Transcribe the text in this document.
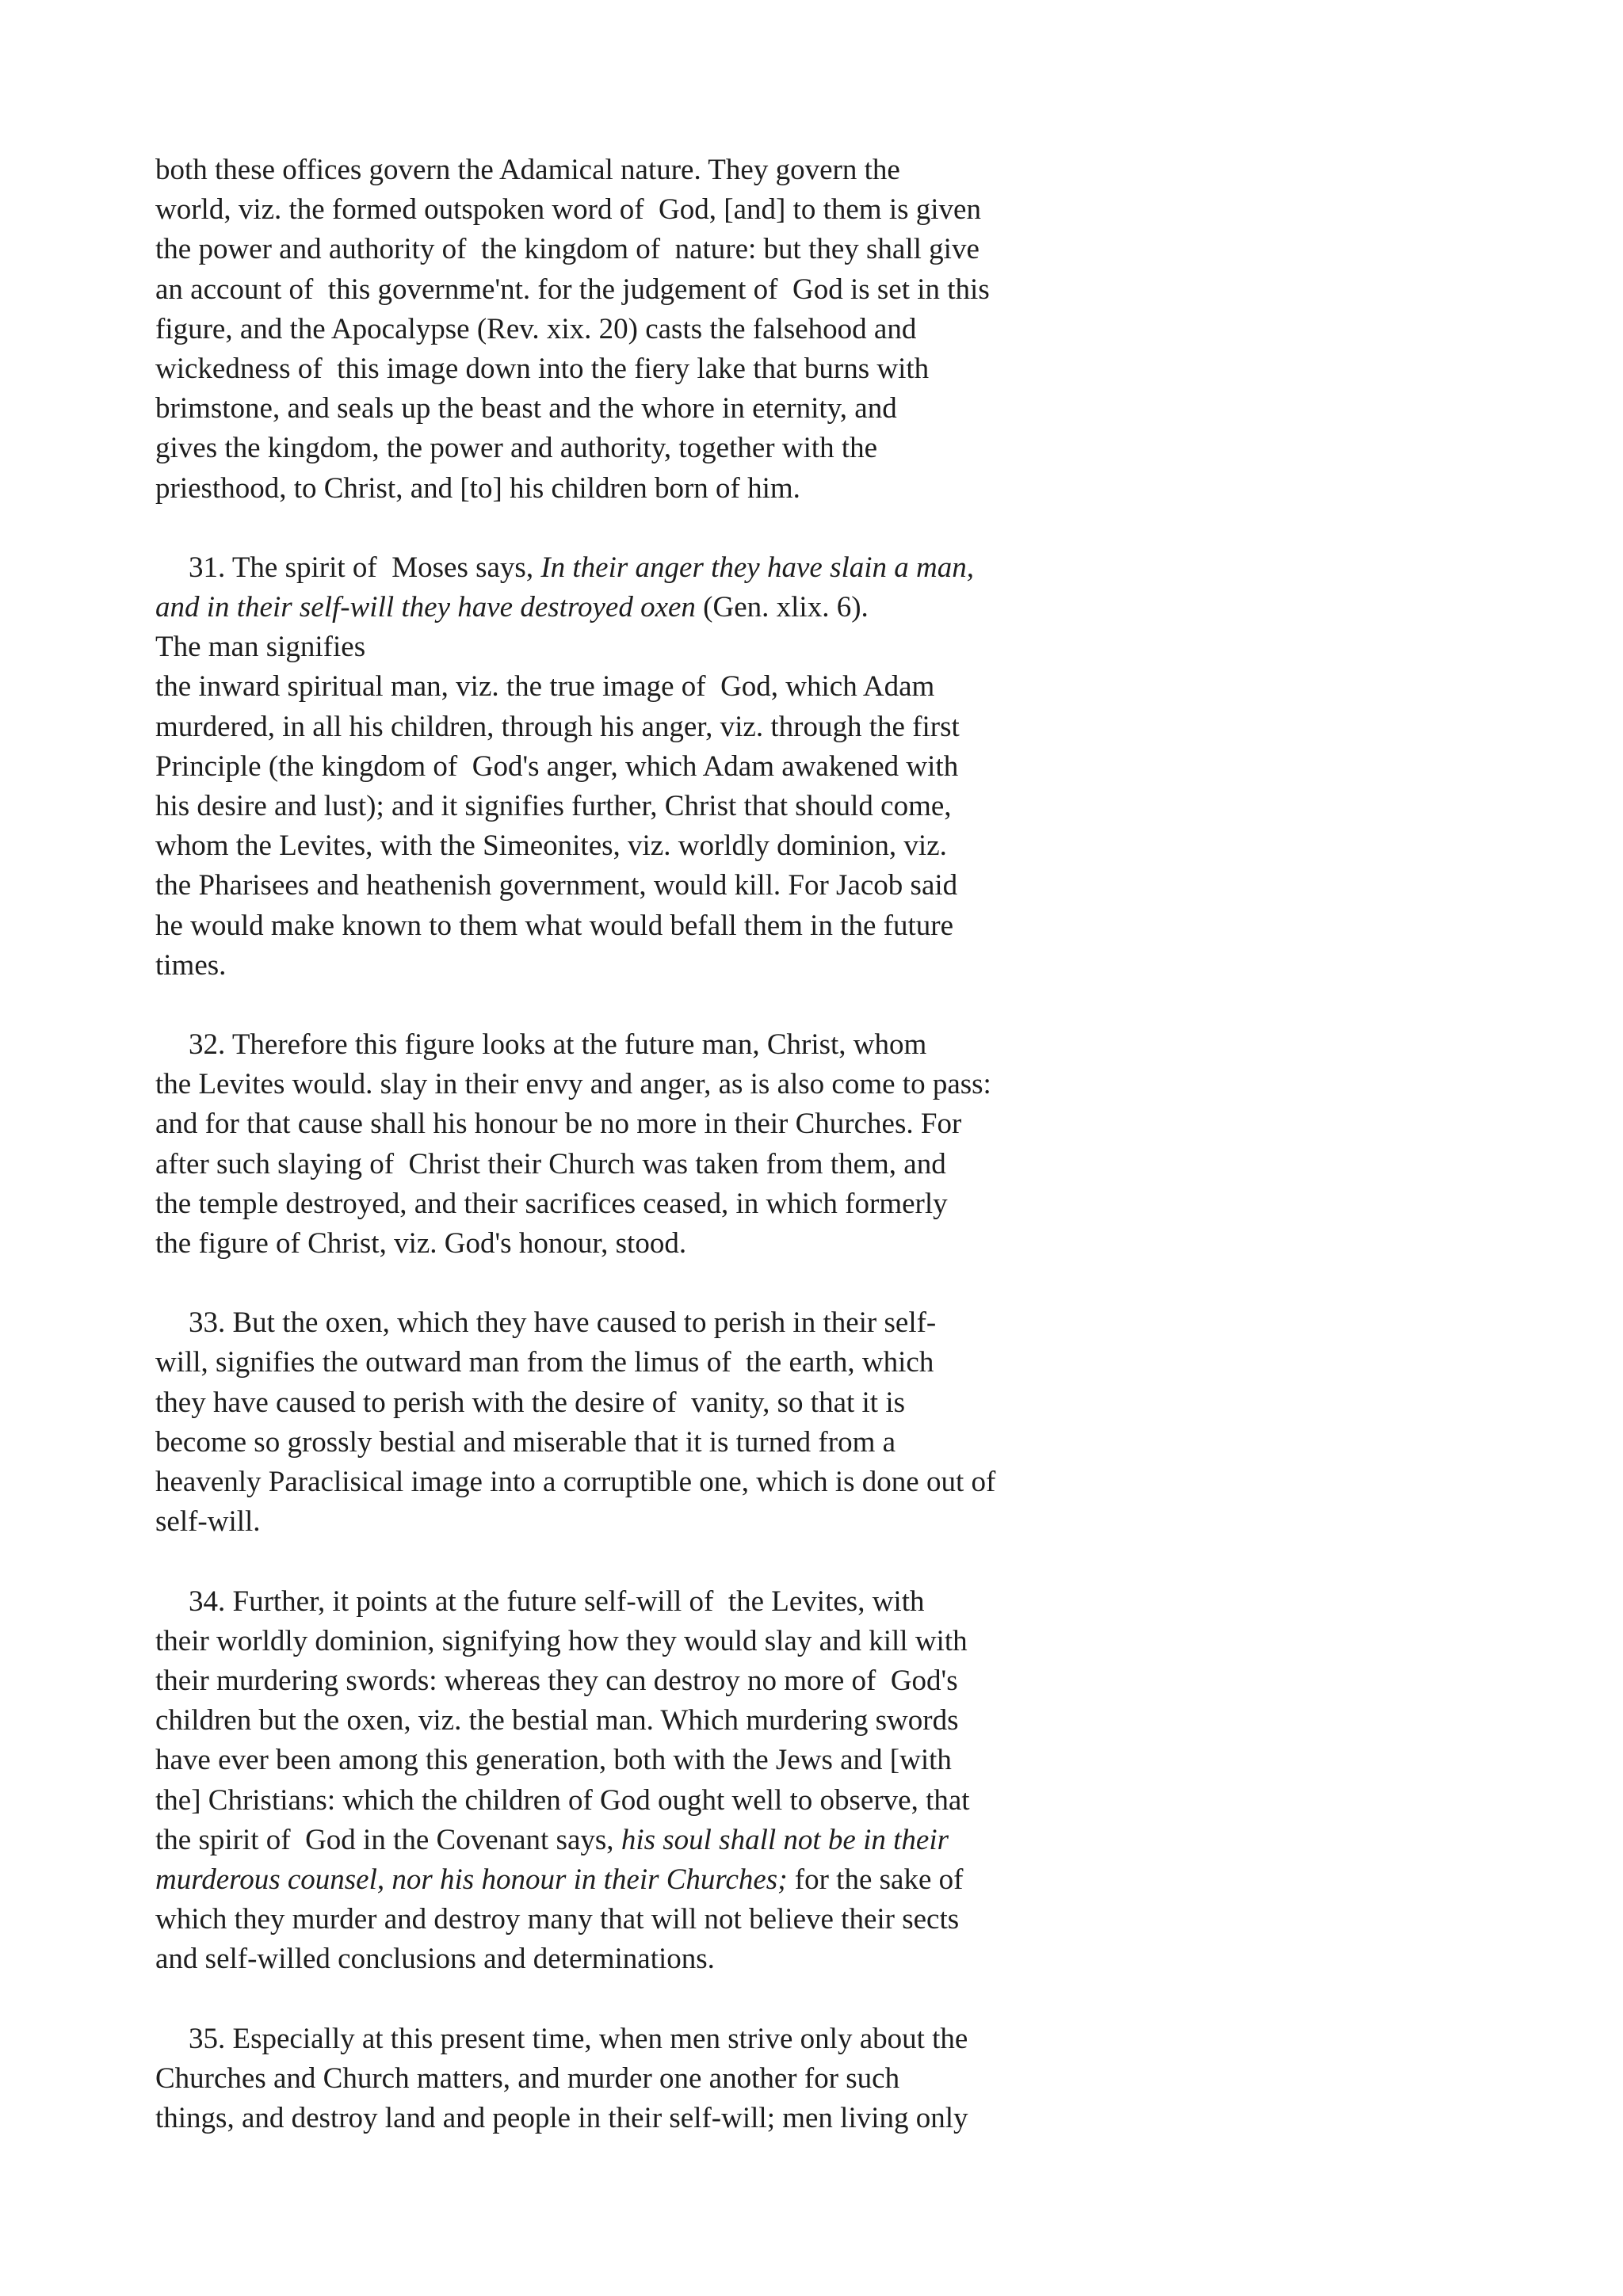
both these offices govern the Adamical nature. They govern the
world, viz. the formed outspoken word of  God, [and] to them is given
the power and authority of  the kingdom of  nature: but they shall give
an account of  this governme'nt. for the judgement of  God is set in this
figure, and the Apocalypse (Rev. xix. 20) casts the falsehood and
wickedness of  this image down into the fiery lake that burns with
brimstone, and seals up the beast and the whore in eternity, and
gives the kingdom, the power and authority, together with the
priesthood, to Christ, and [to] his children born of him.
31. The spirit of  Moses says, In their anger they have slain a man,
and in their self-will they have destroyed oxen (Gen. xlix. 6).
The man signifies
the inward spiritual man, viz. the true image of  God, which Adam
murdered, in all his children, through his anger, viz. through the first
Principle (the kingdom of  God's anger, which Adam awakened with
his desire and lust); and it signifies further, Christ that should come,
whom the Levites, with the Simeonites, viz. worldly dominion, viz.
the Pharisees and heathenish government, would kill. For Jacob said
he would make known to them what would befall them in the future
times.
32. Therefore this figure looks at the future man, Christ, whom
the Levites would. slay in their envy and anger, as is also come to pass:
and for that cause shall his honour be no more in their Churches. For
after such slaying of  Christ their Church was taken from them, and
the temple destroyed, and their sacrifices ceased, in which formerly
the figure of Christ, viz. God's honour, stood.
33. But the oxen, which they have caused to perish in their self-
will, signifies the outward man from the limus of  the earth, which
they have caused to perish with the desire of  vanity, so that it is
become so grossly bestial and miserable that it is turned from a
heavenly Paraclisical image into a corruptible one, which is done out of
self-will.
34. Further, it points at the future self-will of  the Levites, with
their worldly dominion, signifying how they would slay and kill with
their murdering swords: whereas they can destroy no more of  God's
children but the oxen, viz. the bestial man. Which murdering swords
have ever been among this generation, both with the Jews and [with
the] Christians: which the children of God ought well to observe, that
the spirit of  God in the Covenant says, his soul shall not be in their
murderous counsel, nor his honour in their Churches; for the sake of
which they murder and destroy many that will not believe their sects
and self-willed conclusions and determinations.
35. Especially at this present time, when men strive only about the
Churches and Church matters, and murder one another for such
things, and destroy land and people in their self-will; men living only
